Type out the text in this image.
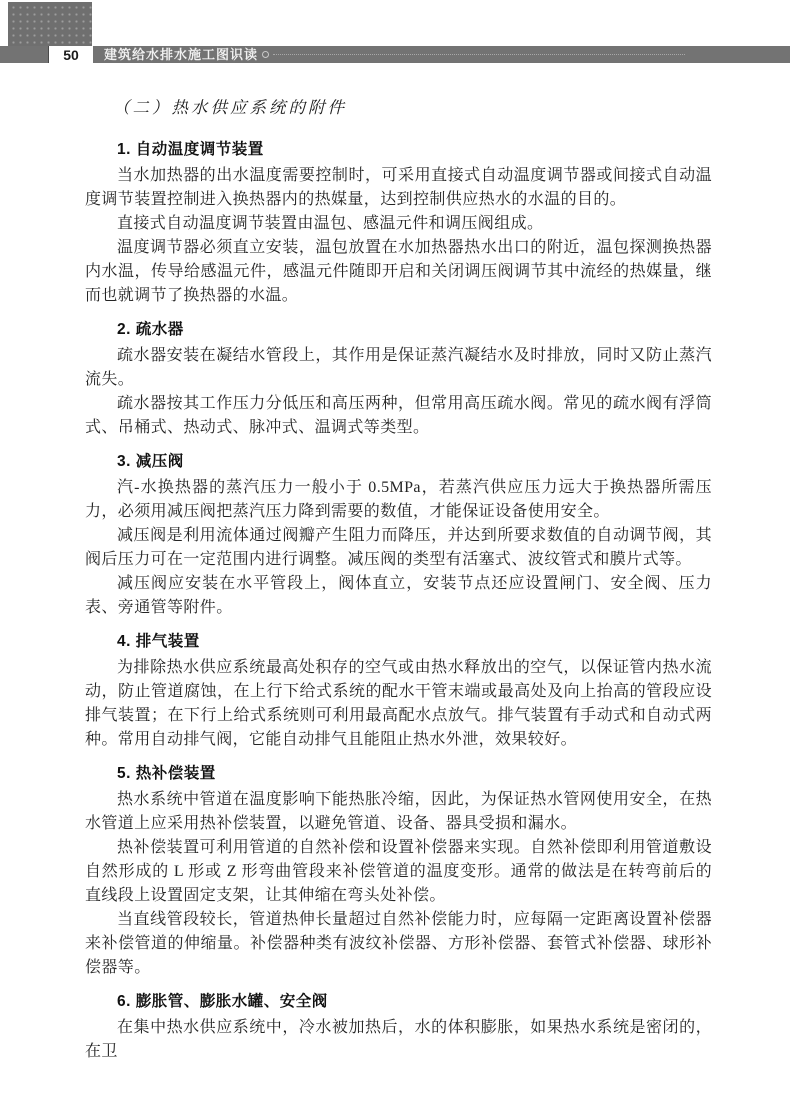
50	建筑给水排水施工图识读

（二）热水供应系统的附件

1. 自动温度调节装置

当水加热器的出水温度需要控制时，可采用直接式自动温度调节器或间接式自动温度调节装置控制进入换热器内的热媒量，达到控制供应热水的水温的目的。

直接式自动温度调节装置由温包、感温元件和调压阀组成。

温度调节器必须直立安装，温包放置在水加热器热水出口的附近，温包探测换热器内水温，传导给感温元件，感温元件随即开启和关闭调压阀调节其中流经的热媒量，继而也就调节了换热器的水温。

2. 疏水器

疏水器安装在凝结水管段上，其作用是保证蒸汽凝结水及时排放，同时又防止蒸汽流失。

疏水器按其工作压力分低压和高压两种，但常用高压疏水阀。常见的疏水阀有浮筒式、吊桶式、热动式、脉冲式、温调式等类型。

3. 减压阀

汽-水换热器的蒸汽压力一般小于 0.5MPa，若蒸汽供应压力远大于换热器所需压力，必须用减压阀把蒸汽压力降到需要的数值，才能保证设备使用安全。

减压阀是利用流体通过阀瓣产生阻力而降压，并达到所要求数值的自动调节阀，其阀后压力可在一定范围内进行调整。减压阀的类型有活塞式、波纹管式和膜片式等。

减压阀应安装在水平管段上，阀体直立，安装节点还应设置闸门、安全阀、压力表、旁通管等附件。

4. 排气装置

为排除热水供应系统最高处积存的空气或由热水释放出的空气，以保证管内热水流动，防止管道腐蚀，在上行下给式系统的配水干管末端或最高处及向上抬高的管段应设排气装置；在下行上给式系统则可利用最高配水点放气。排气装置有手动式和自动式两种。常用自动排气阀，它能自动排气且能阻止热水外泄，效果较好。

5. 热补偿装置

热水系统中管道在温度影响下能热胀冷缩，因此，为保证热水管网使用安全，在热水管道上应采用热补偿装置，以避免管道、设备、器具受损和漏水。

热补偿装置可利用管道的自然补偿和设置补偿器来实现。自然补偿即利用管道敷设自然形成的 L 形或 Z 形弯曲管段来补偿管道的温度变形。通常的做法是在转弯前后的直线段上设置固定支架，让其伸缩在弯头处补偿。

当直线管段较长，管道热伸长量超过自然补偿能力时，应每隔一定距离设置补偿器来补偿管道的伸缩量。补偿器种类有波纹补偿器、方形补偿器、套管式补偿器、球形补偿器等。

6. 膨胀管、膨胀水罐、安全阀

在集中热水供应系统中，冷水被加热后，水的体积膨胀，如果热水系统是密闭的，在卫
